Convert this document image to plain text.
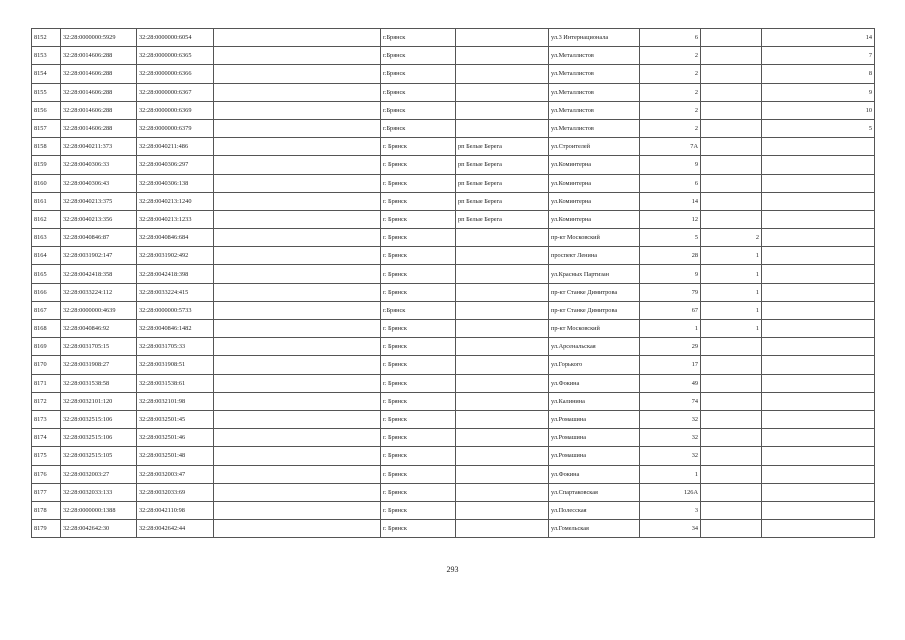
8152	32:28:0000000:5929	32:28:0000000:6054		г.Брянск		ул.3 Интернационала	6		14
8153	32:28:0014606:288	32:28:0000000:6365		г.Брянск		ул.Металлистов	2		7
8154	32:28:0014606:288	32:28:0000000:6366		г.Брянск		ул.Металлистов	2		8
8155	32:28:0014606:288	32:28:0000000:6367		г.Брянск		ул.Металлистов	2		9
8156	32:28:0014606:288	32:28:0000000:6369		г.Брянск		ул.Металлистов	2		10
8157	32:28:0014606:288	32:28:0000000:6379		г.Брянск		ул.Металлистов	2		5
8158	32:28:0040211:373	32:28:0040211:486		г. Брянск	рп Белые Берега	ул.Строителей	7А		
8159	32:28:0040306:33	32:28:0040306:297		г. Брянск	рп Белые Берега	ул.Коминтерна	9		
8160	32:28:0040306:43	32:28:0040306:138		г. Брянск	рп Белые Берега	ул.Коминтерна	6		
8161	32:28:0040213:375	32:28:0040213:1240		г. Брянск	рп Белые Берега	ул.Коминтерна	14		
8162	32:28:0040213:356	32:28:0040213:1233		г. Брянск	рп Белые Берега	ул.Коминтерна	12		
8163	32:28:0040846:87	32:28:0040846:684		г. Брянск		пр-кт Московский	5	2	
8164	32:28:0031902:147	32:28:0031902:492		г. Брянск		проспект Ленина	28	1	
8165	32:28:0042418:358	32:28:0042418:398		г. Брянск		ул.Красных Партизан	9	1	
8166	32:28:0033224:112	32:28:0033224:415		г. Брянск		пр-кт Станке Димитрова	79	1	
8167	32:28:0000000:4639	32:28:0000000:5733		г.Брянск		пр-кт Станке Димитрова	67	1	
8168	32:28:0040846:92	32:28:0040846:1482		г. Брянск		пр-кт Московский	1	1	
8169	32:28:0031705:15	32:28:0031705:33		г. Брянск		ул.Арсенальская	29		
8170	32:28:0031908:27	32:28:0031908:51		г. Брянск		ул.Горького	17		
8171	32:28:0031538:58	32:28:0031538:61		г. Брянск		ул.Фокина	49		
8172	32:28:0032101:120	32:28:0032101:98		г. Брянск		ул.Калинина	74		
8173	32:28:0032515:106	32:28:0032501:45		г. Брянск		ул.Ромашина	32		
8174	32:28:0032515:106	32:28:0032501:46		г. Брянск		ул.Ромашина	32		
8175	32:28:0032515:105	32:28:0032501:48		г. Брянск		ул.Ромашина	32		
8176	32:28:0032003:27	32:28:0032003:47		г. Брянск		ул.Фокина	1		
8177	32:28:0032033:133	32:28:0032033:69		г. Брянск		ул.Спартаковская	126А		
8178	32:28:0000000:1388	32:28:0042110:98		г. Брянск		ул.Полесская	3		
8179	32:28:0042642:30	32:28:0042642:44		г. Брянск		ул.Гомельская	34		
293
